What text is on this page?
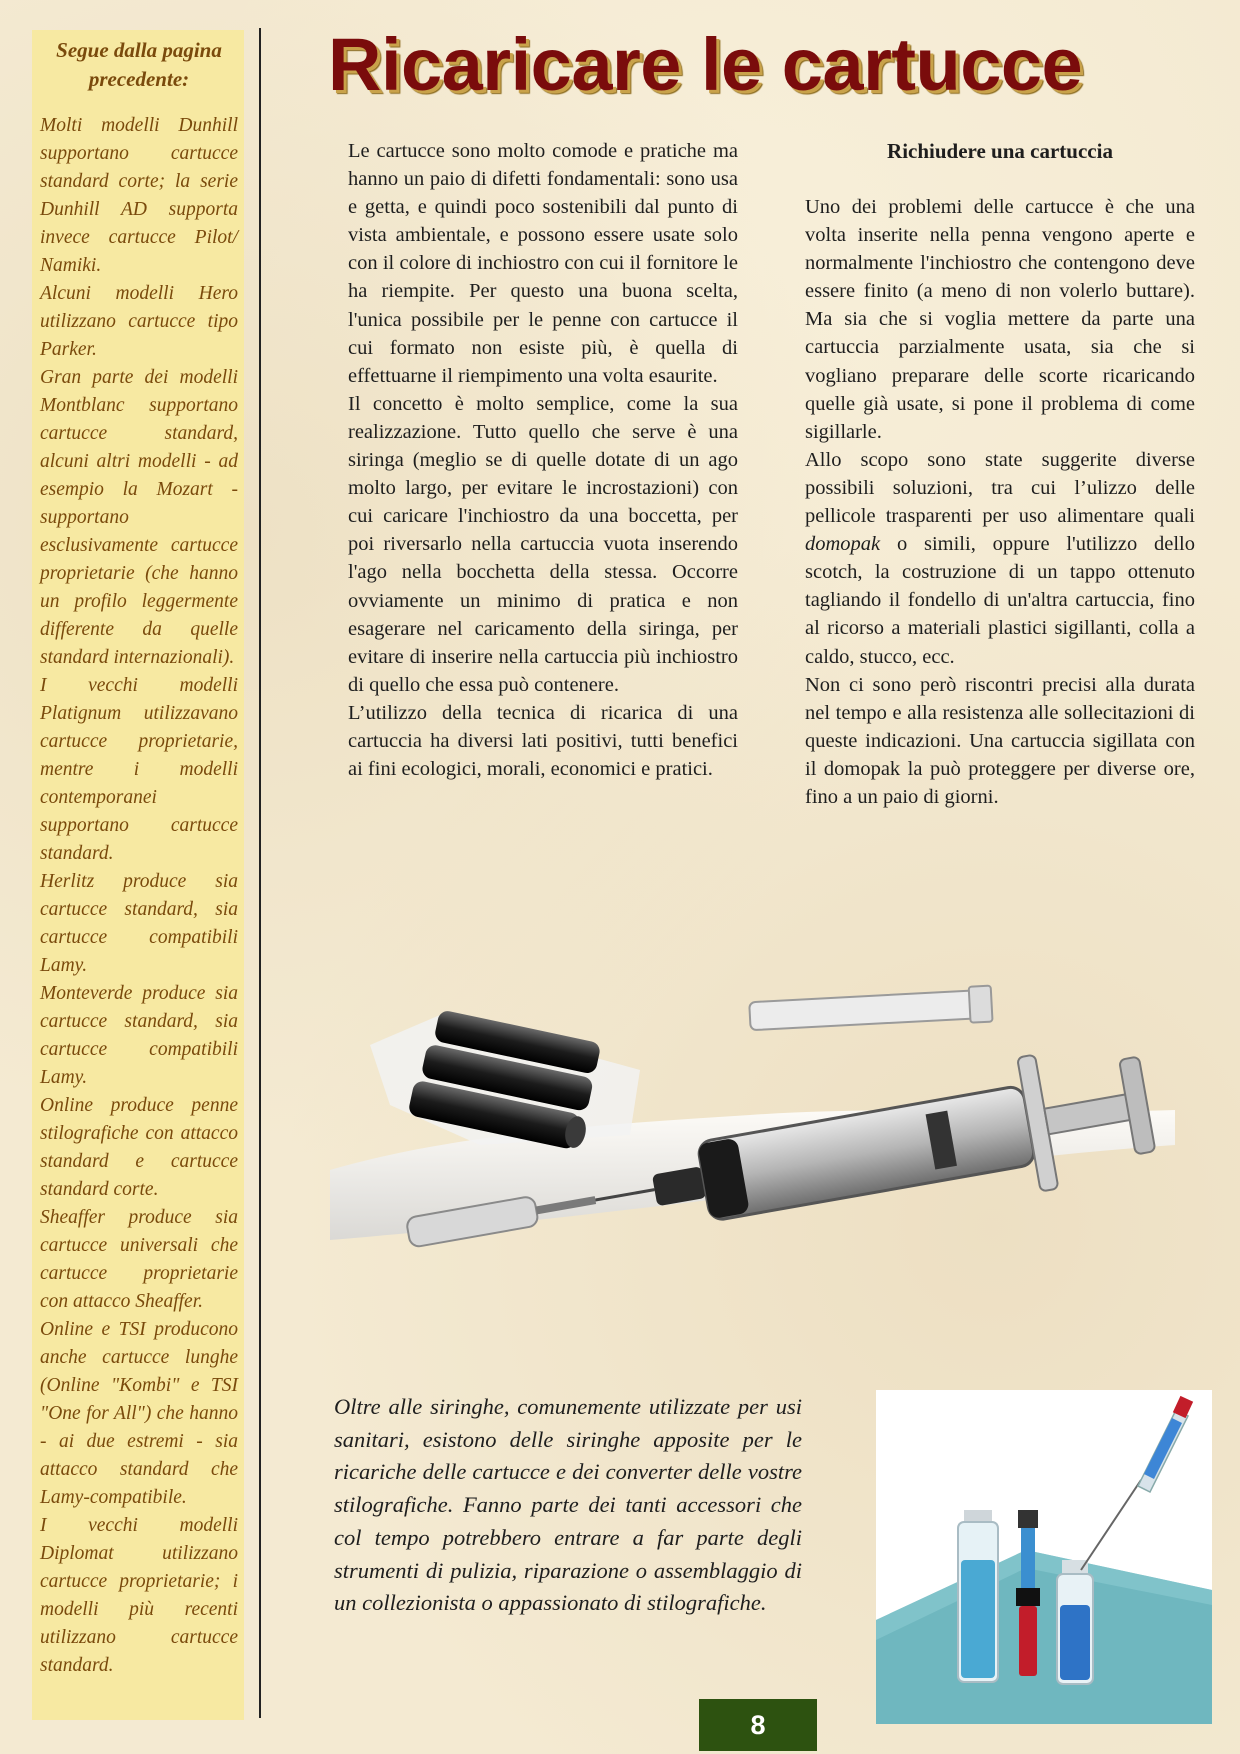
Segue dalla pagina
precedente:

Molti modelli Dunhill supportano cartucce standard corte; la serie Dunhill AD supporta invece cartucce Pilot/ Namiki.

Alcuni modelli Hero utilizzano cartucce tipo Parker.

Gran parte dei modelli Montblanc supportano cartucce standard, alcuni altri modelli - ad esempio la Mozart - supportano esclusivamente cartucce proprietarie (che hanno un profilo leggermente differente da quelle standard internazionali).

I vecchi modelli Platignum utilizzavano cartucce proprietarie, mentre i modelli contemporanei supportano cartucce standard.

Herlitz produce sia cartucce standard, sia cartucce compatibili Lamy.

Monteverde produce sia cartucce standard, sia cartucce compatibili Lamy.

Online produce penne stilografiche con attacco standard e cartucce standard corte.

Sheaffer produce sia cartucce universali che cartucce proprietarie con attacco Sheaffer.

Online e TSI producono anche cartucce lunghe (Online "Kombi" e TSI "One for All") che hanno - ai due estremi - sia attacco standard che Lamy-compatibile.

I vecchi modelli Diplomat utilizzano cartucce proprietarie; i modelli più recenti utilizzano cartucce standard.

Ricaricare le cartucce

Le cartucce sono molto comode e pratiche ma hanno un paio di difetti fondamentali: sono usa e getta, e quindi poco sostenibili dal punto di vista ambientale, e possono essere usate solo con il colore di inchiostro con cui il fornitore le ha riempite. Per questo una buona scelta, l'unica possibile per le penne con cartucce il cui formato non esiste più, è quella di effettuarne il riempimento una volta esaurite.

Il concetto è molto semplice, come la sua realizzazione. Tutto quello che serve è una siringa (meglio se di quelle dotate di un ago molto largo, per evitare le incrostazioni) con cui caricare l'inchiostro da una boccetta, per poi riversarlo nella cartuccia vuota inserendo l'ago nella bocchetta della stessa. Occorre ovviamente un minimo di pratica e non esagerare nel caricamento della siringa, per evitare di inserire nella cartuccia più inchiostro di quello che essa può contenere.

L’utilizzo della tecnica di ricarica di una cartuccia ha diversi lati positivi, tutti benefici ai fini ecologici, morali, economici e pratici.

Richiudere una cartuccia

Uno dei problemi delle cartucce è che una volta inserite nella penna vengono aperte e normalmente l'inchiostro che contengono deve essere finito (a meno di non volerlo buttare). Ma sia che si voglia mettere da parte una cartuccia parzialmente usata, sia che si vogliano preparare delle scorte ricaricando quelle già usate, si pone il problema di come sigillarle.

Allo scopo sono state suggerite diverse possibili soluzioni, tra cui l’ulizzo delle pellicole trasparenti per uso alimentare quali domopak o simili, oppure l'utilizzo dello scotch, la costruzione di un tappo ottenuto tagliando il fondello di un'altra cartuccia, fino al ricorso a materiali plastici sigillanti, colla a caldo, stucco, ecc.

Non ci sono però riscontri precisi alla durata nel tempo e alla resistenza alle sollecitazioni di queste indicazioni. Una cartuccia sigillata con il domopak la può proteggere per diverse ore, fino a un paio di giorni.

Oltre alle siringhe, comunemente utilizzate per usi sanitari, esistono delle siringhe apposite per le ricariche delle cartucce e dei converter delle vostre stilografiche. Fanno parte dei tanti accessori che col tempo potrebbero entrare a far parte degli strumenti di pulizia, riparazione o assemblaggio di un collezionista o appassionato di stilografiche.

8
